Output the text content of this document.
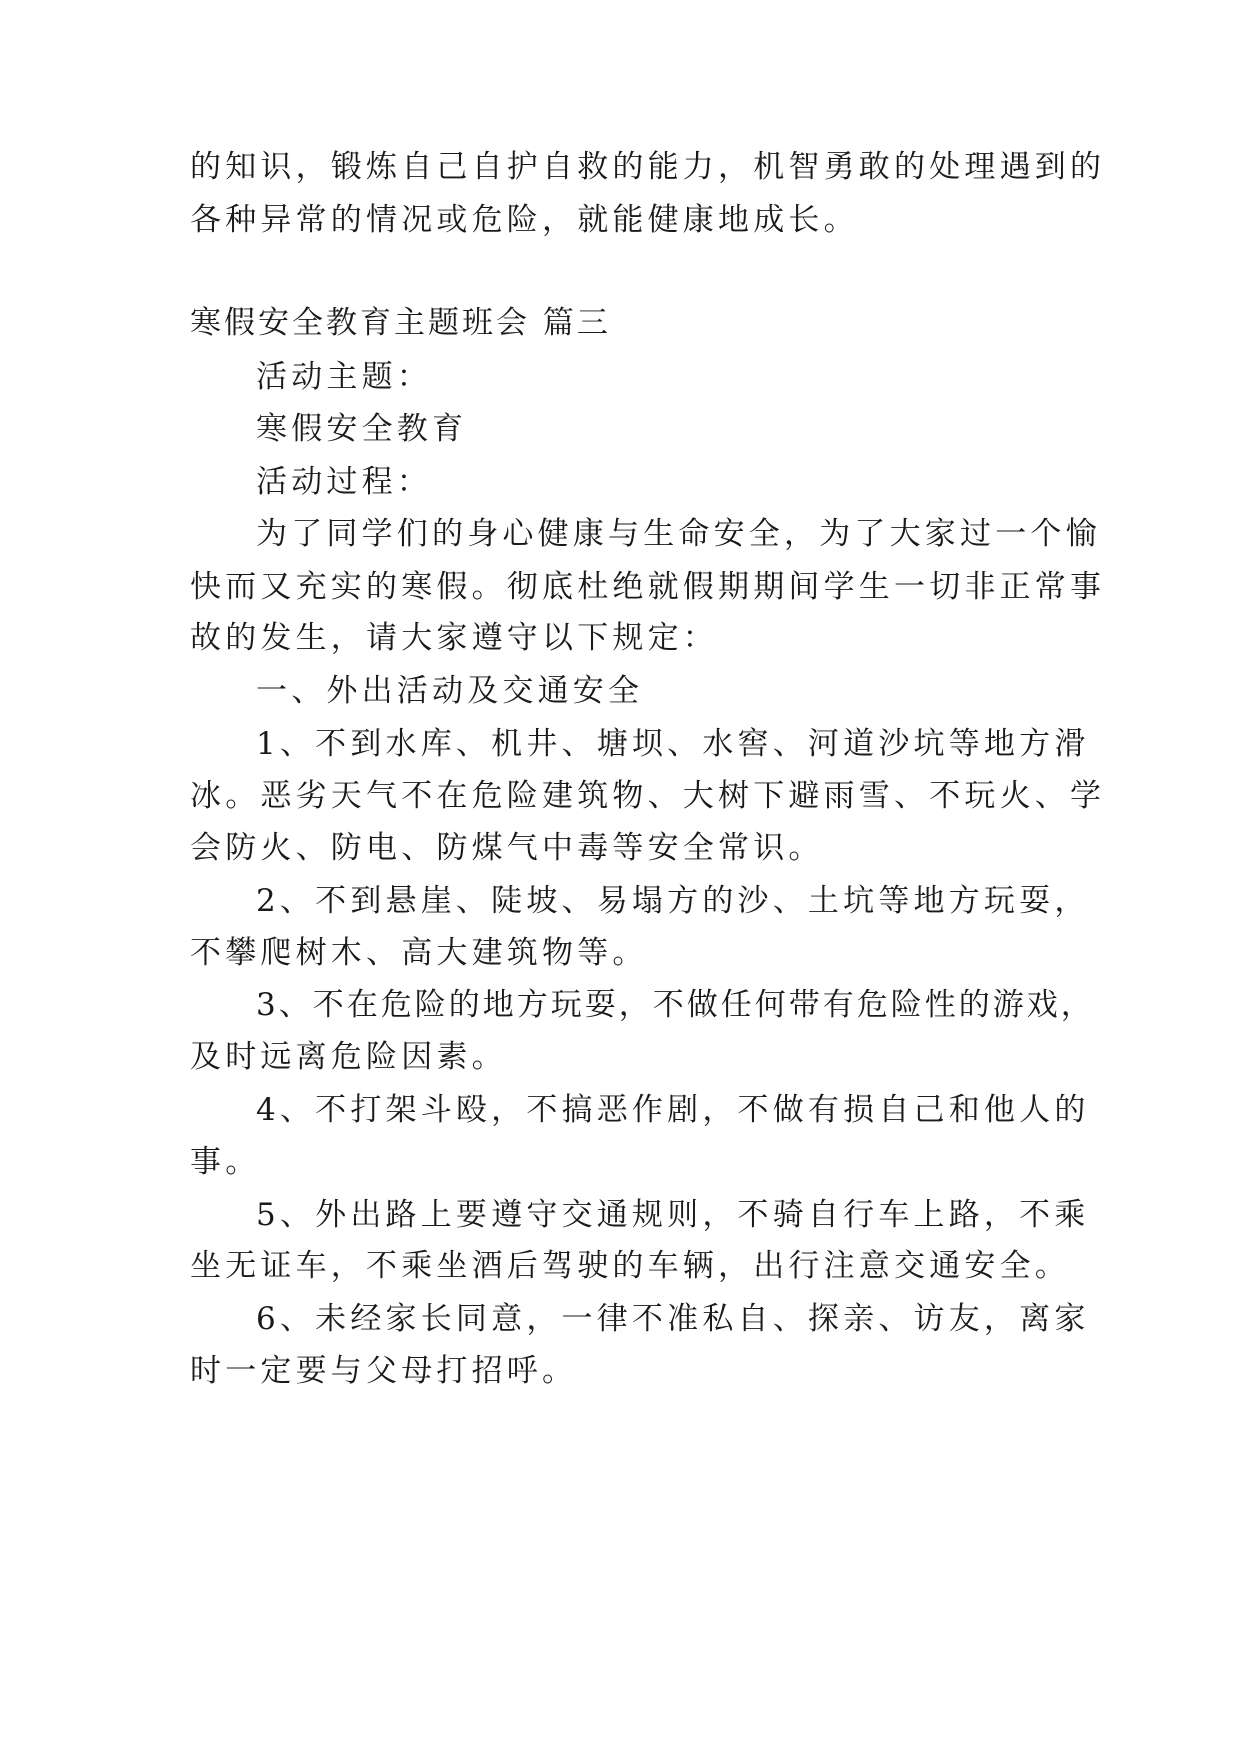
的知识，锻炼自己自护自救的能力，机智勇敢的处理遇到的

各种异常的情况或危险，就能健康地成长。

寒假安全教育主题班会 篇三

活动主题：

寒假安全教育

活动过程：

为了同学们的身心健康与生命安全，为了大家过一个愉

快而又充实的寒假。彻底杜绝就假期期间学生一切非正常事

故的发生，请大家遵守以下规定：

一、外出活动及交通安全

1、不到水库、机井、塘坝、水窖、河道沙坑等地方滑

冰。恶劣天气不在危险建筑物、大树下避雨雪、不玩火、学

会防火、防电、防煤气中毒等安全常识。

2、不到悬崖、陡坡、易塌方的沙、土坑等地方玩耍，

不攀爬树木、高大建筑物等。

3、不在危险的地方玩耍，不做任何带有危险性的游戏，

及时远离危险因素。

4、不打架斗殴，不搞恶作剧，不做有损自己和他人的

事。

5、外出路上要遵守交通规则，不骑自行车上路，不乘

坐无证车，不乘坐酒后驾驶的车辆，出行注意交通安全。

6、未经家长同意，一律不准私自、探亲、访友，离家

时一定要与父母打招呼。
